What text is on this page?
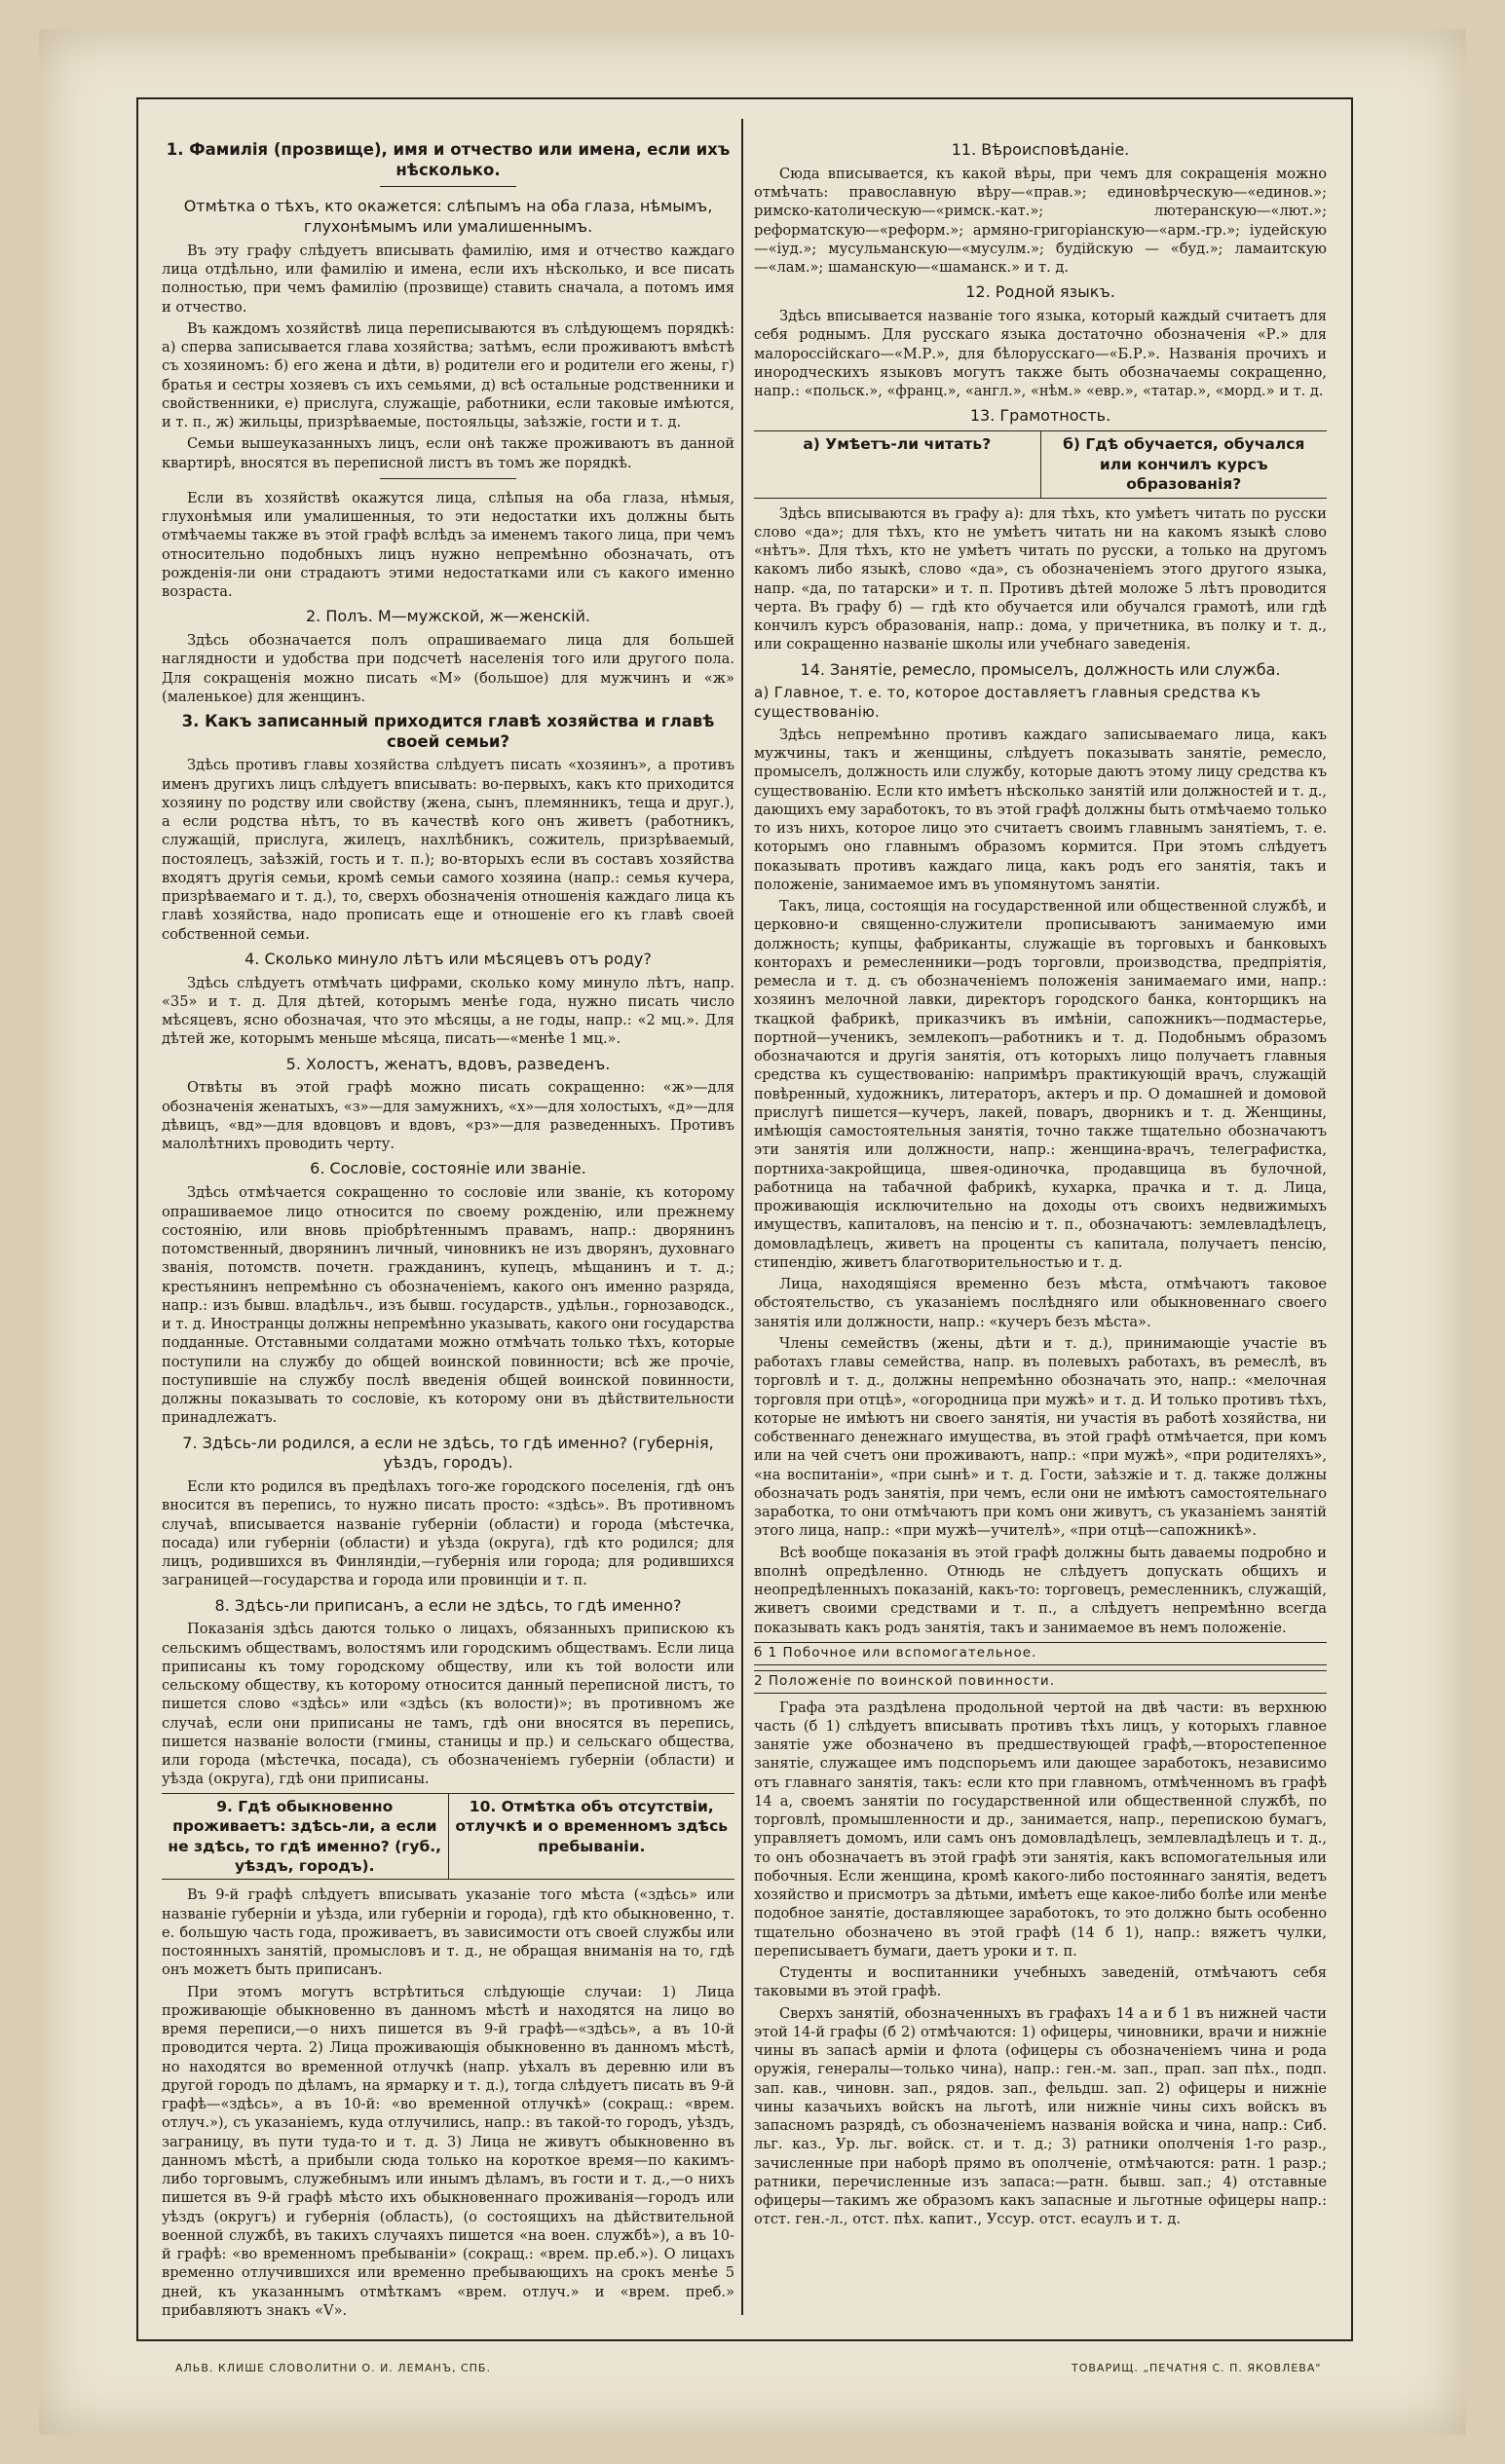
1. Фамилія (прозвище), имя и отчество или имена, если ихъ нѣсколько.
Отмѣтка о тѣхъ, кто окажется: слѣпымъ на оба глаза, нѣмымъ, глухонѣмымъ или умалишеннымъ.

Въ эту графу слѣдуетъ вписывать фамилію, имя и отчество каждаго лица отдѣльно, или фамилію и имена, если ихъ нѣсколько, и все писать полностью, при чемъ фамилію (прозвище) ставить сначала, а потомъ имя и отчество.

Въ каждомъ хозяйствѣ лица переписываются въ слѣдующемъ порядкѣ: а) сперва записывается глава хозяйства; затѣмъ, если проживаютъ вмѣстѣ съ хозяиномъ: б) его жена и дѣти, в) родители его и родители его жены, г) братья и сестры хозяевъ съ ихъ семьями, д) всѣ остальные родственники и свойственники, е) прислуга, служащіе, работники, если таковые имѣются, и т. п., ж) жильцы, призрѣваемые, постояльцы, заѣзжіе, гости и т. д.

Семьи вышеуказанныхъ лицъ, если онѣ также проживаютъ въ данной квартирѣ, вносятся въ переписной листъ въ томъ же порядкѣ.

Если въ хозяйствѣ окажутся лица, слѣпыя на оба глаза, нѣмыя, глухонѣмыя или умалишенныя, то эти недостатки ихъ должны быть отмѣчаемы также въ этой графѣ вслѣдъ за именемъ такого лица, при чемъ относительно подобныхъ лицъ нужно непремѣнно обозначать, отъ рожденія-ли они страдаютъ этими недостатками или съ какого именно возраста.

2. Полъ. М—мужской, ж—женскій.

Здѣсь обозначается полъ опрашиваемаго лица для большей наглядности и удобства при подсчетѣ населенія того или другого пола. Для сокращенія можно писать «М» (большое) для мужчинъ и «ж» (маленькое) для женщинъ.

3. Какъ записанный приходится главѣ хозяйства и главѣ своей семьи?

Здѣсь противъ главы хозяйства слѣдуетъ писать «хозяинъ», а противъ именъ другихъ лицъ слѣдуетъ вписывать: во-первыхъ, какъ кто приходится хозяину по родству или свойству (жена, сынъ, племянникъ, теща и друг.), а если родства нѣтъ, то въ качествѣ кого онъ живетъ (работникъ, служащій, прислуга, жилецъ, нахлѣбникъ, сожитель, призрѣваемый, постоялецъ, заѣзжій, гость и т. п.); во-вторыхъ если въ составъ хозяйства входятъ другія семьи, кромѣ семьи самого хозяина (напр.: семья кучера, призрѣваемаго и т. д.), то, сверхъ обозначенія отношенія каждаго лица къ главѣ хозяйства, надо прописать еще и отношеніе его къ главѣ своей собственной семьи.

4. Сколько минуло лѣтъ или мѣсяцевъ отъ роду?

Здѣсь слѣдуетъ отмѣчать цифрами, сколько кому минуло лѣтъ, напр. «35» и т. д. Для дѣтей, которымъ менѣе года, нужно писать число мѣсяцевъ, ясно обозначая, что это мѣсяцы, а не годы, напр.: «2 мц.». Для дѣтей же, которымъ меньше мѣсяца, писать—«менѣе 1 мц.».

5. Холостъ, женатъ, вдовъ, разведенъ.

Отвѣты въ этой графѣ можно писать сокращенно: «ж»—для обозначенія женатыхъ, «з»—для замужнихъ, «х»—для холостыхъ, «д»—для дѣвицъ, «вд»—для вдовцовъ и вдовъ, «рз»—для разведенныхъ. Противъ малолѣтнихъ проводить черту.

6. Сословіе, состояніе или званіе.

Здѣсь отмѣчается сокращенно то сословіе или званіе, къ которому опрашиваемое лицо относится по своему рожденію, или прежнему состоянію, или вновь пріобрѣтеннымъ правамъ, напр.: дворянинъ потомственный, дворянинъ личный, чиновникъ не изъ дворянъ, духовнаго званія, потомств. почетн. гражданинъ, купецъ, мѣщанинъ и т. д.; крестьянинъ непремѣнно съ обозначеніемъ, какого онъ именно разряда, напр.: изъ бывш. владѣльч., изъ бывш. государств., удѣльн., горнозаводск., и т. д. Иностранцы должны непремѣнно указывать, какого они государства подданные. Отставными солдатами можно отмѣчать только тѣхъ, которые поступили на службу до общей воинской повинности; всѣ же прочіе, поступившіе на службу послѣ введенія общей воинской повинности, должны показывать то сословіе, къ которому они въ дѣйствительности принадлежатъ.

7. Здѣсь-ли родился, а если не здѣсь, то гдѣ именно? (губернія, уѣздъ, городъ).

Если кто родился въ предѣлахъ того-же городского поселенія, гдѣ онъ вносится въ перепись, то нужно писать просто: «здѣсь». Въ противномъ случаѣ, вписывается названіе губерніи (области) и города (мѣстечка, посада) или губерніи (области) и уѣзда (округа), гдѣ кто родился; для лицъ, родившихся въ Финляндіи,—губернія или города; для родившихся заграницей—государства и города или провинціи и т. п.

8. Здѣсь-ли приписанъ, а если не здѣсь, то гдѣ именно?

Показанія здѣсь даются только о лицахъ, обязанныхъ припискою къ сельскимъ обществамъ, волостямъ или городскимъ обществамъ. Если лица приписаны къ тому городскому обществу, или къ той волости или сельскому обществу, къ которому относится данный переписной листъ, то пишется слово «здѣсь» или «здѣсь (къ волости)»; въ противномъ же случаѣ, если они приписаны не тамъ, гдѣ они вносятся въ перепись, пишется названіе волости (гмины, станицы и пр.) и сельскаго общества, или города (мѣстечка, посада), съ обозначеніемъ губерніи (области) и уѣзда (округа), гдѣ они приписаны.

9. Гдѣ обыкновенно проживаетъ: здѣсь-ли, а если не здѣсь, то гдѣ именно? (губ., уѣздъ, городъ).
10. Отмѣтка объ отсутствіи, отлучкѣ и о временномъ здѣсь пребываніи.

Въ 9-й графѣ слѣдуетъ вписывать указаніе того мѣста («здѣсь» или названіе губерніи и уѣзда, или губерніи и города), гдѣ кто обыкновенно, т. е. большую часть года, проживаетъ, въ зависимости отъ своей службы или постоянныхъ занятій, промысловъ и т. д., не обращая вниманія на то, гдѣ онъ можетъ быть приписанъ.

При этомъ могутъ встрѣтиться слѣдующіе случаи: 1) Лица проживающіе обыкновенно въ данномъ мѣстѣ и находятся на лицо во время переписи,—о нихъ пишется въ 9-й графѣ—«здѣсь», а въ 10-й проводится черта. 2) Лица проживающія обыкновенно въ данномъ мѣстѣ, но находятся во временной отлучкѣ (напр. уѣхалъ въ деревню или въ другой городъ по дѣламъ, на ярмарку и т. д.), тогда слѣдуетъ писать въ 9-й графѣ—«здѣсь», а въ 10-й: «во временной отлучкѣ» (сокращ.: «врем. отлуч.»), съ указаніемъ, куда отлучились, напр.: въ такой-то городъ, уѣздъ, заграницу, въ пути туда-то и т. д. 3) Лица не живутъ обыкновенно въ данномъ мѣстѣ, а прибыли сюда только на короткое время—по какимъ-либо торговымъ, служебнымъ или инымъ дѣламъ, въ гости и т. д.,—о нихъ пишется въ 9-й графѣ мѣсто ихъ обыкновеннаго проживанія—городъ или уѣздъ (округъ) и губернія (область), (о состоящихъ на дѣйствительной военной службѣ, въ такихъ случаяхъ пишется «на воен. службѣ»), а въ 10-й графѣ: «во временномъ пребываніи» (сокращ.: «врем. пр.еб.»). О лицахъ временно отлучившихся или временно пребывающихъ на срокъ менѣе 5 дней, къ указаннымъ отмѣткамъ «врем. отлуч.» и «врем. преб.» прибавляютъ знакъ «V».

11. Вѣроисповѣданіе.

Сюда вписывается, къ какой вѣры, при чемъ для сокращенія можно отмѣчать: православную вѣру—«прав.»; единовѣрческую—«единов.»; римско-католическую—«римск.-кат.»; лютеранскую—«лют.»; реформатскую—«реформ.»; армяно-григоріанскую—«арм.-гр.»; іудейскую—«іуд.»; мусульманскую—«мусулм.»; будійскую — «буд.»; ламаитскую—«лам.»; шаманскую—«шаманск.» и т. д.

12. Родной языкъ.

Здѣсь вписывается названіе того языка, который каждый считаетъ для себя роднымъ. Для русскаго языка достаточно обозначенія «Р.» для малороссійскаго—«М.Р.», для бѣлорусскаго—«Б.Р.». Названія прочихъ и инородческихъ языковъ могутъ также быть обозначаемы сокращенно, напр.: «польск.», «франц.», «англ.», «нѣм.» «евр.», «татар.», «морд.» и т. д.

13. Грамотность.
а) Умѣетъ-ли читать?	б) Гдѣ обучается, обучался или кончилъ курсъ образованія?

Здѣсь вписываются въ графу а): для тѣхъ, кто умѣетъ читать по русски слово «да»; для тѣхъ, кто не умѣетъ читать ни на какомъ языкѣ слово «нѣтъ». Для тѣхъ, кто не умѣетъ читать по русски, а только на другомъ какомъ либо языкѣ, слово «да», съ обозначеніемъ этого другого языка, напр. «да, по татарски» и т. п. Противъ дѣтей моложе 5 лѣтъ проводится черта. Въ графу б) — гдѣ кто обучается или обучался грамотѣ, или гдѣ кончилъ курсъ образованія, напр.: дома, у причетника, въ полку и т. д., или сокращенно названіе школы или учебнаго заведенія.

14. Занятіе, ремесло, промыселъ, должность или служба.
а) Главное, т. е. то, которое доставляетъ главныя средства къ существованію.

Здѣсь непремѣнно противъ каждаго записываемаго лица, какъ мужчины, такъ и женщины, слѣдуетъ показывать занятіе, ремесло, промыселъ, должность или службу, которые даютъ этому лицу средства къ существованію. Если кто имѣетъ нѣсколько занятій или должностей и т. д., дающихъ ему заработокъ, то въ этой графѣ должны быть отмѣчаемо только то изъ нихъ, которое лицо это считаетъ своимъ главнымъ занятіемъ, т. е. которымъ оно главнымъ образомъ кормится. При этомъ слѣдуетъ показывать противъ каждаго лица, какъ родъ его занятія, такъ и положеніе, занимаемое имъ въ упомянутомъ занятіи.

Такъ, лица, состоящія на государственной или общественной службѣ, и церковно-и священно-служители прописываютъ занимаемую ими должность; купцы, фабриканты, служащіе въ торговыхъ и банковыхъ конторахъ и ремесленники—родъ торговли, производства, предпріятія, ремесла и т. д. съ обозначеніемъ положенія занимаемаго ими, напр.: хозяинъ мелочной лавки, директоръ городского банка, конторщикъ на ткацкой фабрикѣ, приказчикъ въ имѣніи, сапожникъ—подмастерье, портной—ученикъ, землекопъ—работникъ и т. д. Подобнымъ образомъ обозначаются и другія занятія, отъ которыхъ лицо получаетъ главныя средства къ существованію: напримѣръ практикующій врачъ, служащій повѣренный, художникъ, литераторъ, актеръ и пр. О домашней и домовой прислугѣ пишется—кучеръ, лакей, поваръ, дворникъ и т. д. Женщины, имѣющія самостоятельныя занятія, точно также тщательно обозначаютъ эти занятія или должности, напр.: женщина-врачъ, телеграфистка, портниха-закройщица, швея-одиночка, продавщица въ булочной, работница на табачной фабрикѣ, кухарка, прачка и т. д. Лица, проживающія исключительно на доходы отъ своихъ недвижимыхъ имуществъ, капиталовъ, на пенсію и т. п., обозначаютъ: землевладѣлецъ, домовладѣлецъ, живетъ на проценты съ капитала, получаетъ пенсію, стипендію, живетъ благотворительностью и т. д.

Лица, находящіяся временно безъ мѣста, отмѣчаютъ таковое обстоятельство, съ указаніемъ послѣдняго или обыкновеннаго своего занятія или должности, напр.: «кучеръ безъ мѣста».

Члены семействъ (жены, дѣти и т. д.), принимающіе участіе въ работахъ главы семейства, напр. въ полевыхъ работахъ, въ ремеслѣ, въ торговлѣ и т. д., должны непремѣнно обозначать это, напр.: «мелочная торговля при отцѣ», «огородница при мужѣ» и т. д. И только противъ тѣхъ, которые не имѣютъ ни своего занятія, ни участія въ работѣ хозяйства, ни собственнаго денежнаго имущества, въ этой графѣ отмѣчается, при комъ или на чей счетъ они проживаютъ, напр.: «при мужѣ», «при родителяхъ», «на воспитаніи», «при сынѣ» и т. д. Гости, заѣзжіе и т. д. также должны обозначать родъ занятія, при чемъ, если они не имѣютъ самостоятельнаго заработка, то они отмѣчаютъ при комъ они живутъ, съ указаніемъ занятій этого лица, напр.: «при мужѣ—учителѣ», «при отцѣ—сапожникѣ».

Всѣ вообще показанія въ этой графѣ должны быть даваемы подробно и вполнѣ опредѣленно. Отнюдь не слѣдуетъ допускать общихъ и неопредѣленныхъ показаній, какъ-то: торговецъ, ремесленникъ, служащій, живетъ своими средствами и т. п., а слѣдуетъ непремѣнно всегда показывать какъ родъ занятія, такъ и занимаемое въ немъ положеніе.

б 1 Побочное или вспомогательное.
2 Положеніе по воинской повинности.

Графа эта раздѣлена продольной чертой на двѣ части: въ верхнюю часть (б 1) слѣдуетъ вписывать противъ тѣхъ лицъ, у которыхъ главное занятіе уже обозначено въ предшествующей графѣ,—второстепенное занятіе, служащее имъ подспорьемъ или дающее заработокъ, независимо отъ главнаго занятія, такъ: если кто при главномъ, отмѣченномъ въ графѣ 14 а, своемъ занятіи по государственной или общественной службѣ, по торговлѣ, промышленности и др., занимается, напр., перепискою бумагъ, управляетъ домомъ, или самъ онъ домовладѣлецъ, землевладѣлецъ и т. д., то онъ обозначаетъ въ этой графѣ эти занятія, какъ вспомогательныя или побочныя. Если женщина, кромѣ какого-либо постояннаго занятія, ведетъ хозяйство и присмотръ за дѣтьми, имѣетъ еще какое-либо болѣе или менѣе подобное занятіе, доставляющее заработокъ, то это должно быть особенно тщательно обозначено въ этой графѣ (14 б 1), напр.: вяжетъ чулки, переписываетъ бумаги, даетъ уроки и т. п.

Студенты и воспитанники учебныхъ заведеній, отмѣчаютъ себя таковыми въ этой графѣ.

Сверхъ занятій, обозначенныхъ въ графахъ 14 а и б 1 въ нижней части этой 14-й графы (б 2) отмѣчаются: 1) офицеры, чиновники, врачи и нижніе чины въ запасѣ арміи и флота (офицеры съ обозначеніемъ чина и рода оружія, генералы—только чина), напр.: ген.-м. зап., прап. зап пѣх., подп. зап. кав., чиновн. зап., рядов. зап., фельдш. зап. 2) офицеры и нижніе чины казачьихъ войскъ на льготѣ, или нижніе чины сихъ войскъ въ запасномъ разрядѣ, съ обозначеніемъ названія войска и чина, напр.: Сиб. льг. каз., Ур. льг. войск. ст. и т. д.; 3) ратники ополченія 1-го разр., зачисленные при наборѣ прямо въ ополченіе, отмѣчаются: ратн. 1 разр.; ратники, перечисленные изъ запаса:—ратн. бывш. зап.; 4) отставные офицеры—такимъ же образомъ какъ запасные и льготные офицеры напр.: отст. ген.-л., отст. пѣх. капит., Уссур. отст. есаулъ и т. д.

АЛЬВ. КЛИШЕ СЛОВОЛИТНИ О. И. ЛЕМАНЪ, СПБ.	ТОВАРИЩ. „ПЕЧАТНЯ С. П. ЯКОВЛЕВА"
